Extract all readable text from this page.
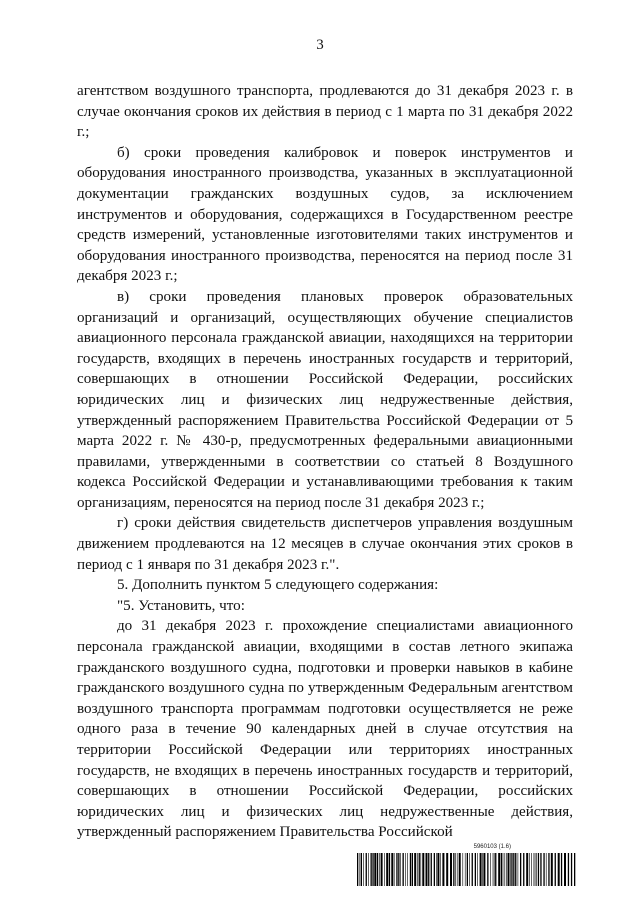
3

агентством воздушного транспорта, продлеваются до 31 декабря 2023 г. в случае окончания сроков их действия в период с 1 марта по 31 декабря 2022 г.;

б) сроки проведения калибровок и поверок инструментов и оборудования иностранного производства, указанных в эксплуатационной документации гражданских воздушных судов, за исключением инструментов и оборудования, содержащихся в Государственном реестре средств измерений, установленные изготовителями таких инструментов и оборудования иностранного производства, переносятся на период после 31 декабря 2023 г.;

в) сроки проведения плановых проверок образовательных организаций и организаций, осуществляющих обучение специалистов авиационного персонала гражданской авиации, находящихся на территории государств, входящих в перечень иностранных государств и территорий, совершающих в отношении Российской Федерации, российских юридических лиц и физических лиц недружественные действия, утвержденный распоряжением Правительства Российской Федерации от 5 марта 2022 г. № 430-р, предусмотренных федеральными авиационными правилами, утвержденными в соответствии со статьей 8 Воздушного кодекса Российской Федерации и устанавливающими требования к таким организациям, переносятся на период после 31 декабря 2023 г.;

г) сроки действия свидетельств диспетчеров управления воздушным движением продлеваются на 12 месяцев в случае окончания этих сроков в период с 1 января по 31 декабря 2023 г.".

5. Дополнить пунктом 5 следующего содержания:

"5. Установить, что:

до 31 декабря 2023 г. прохождение специалистами авиационного персонала гражданской авиации, входящими в состав летного экипажа гражданского воздушного судна, подготовки и проверки навыков в кабине гражданского воздушного судна по утвержденным Федеральным агентством воздушного транспорта программам подготовки осуществляется не реже одного раза в течение 90 календарных дней в случае отсутствия на территории Российской Федерации или территориях иностранных государств, не входящих в перечень иностранных государств и территорий, совершающих в отношении Российской Федерации, российских юридических лиц и физических лиц недружественные действия, утвержденный распоряжением Правительства Российской

5960103 (1.6)
